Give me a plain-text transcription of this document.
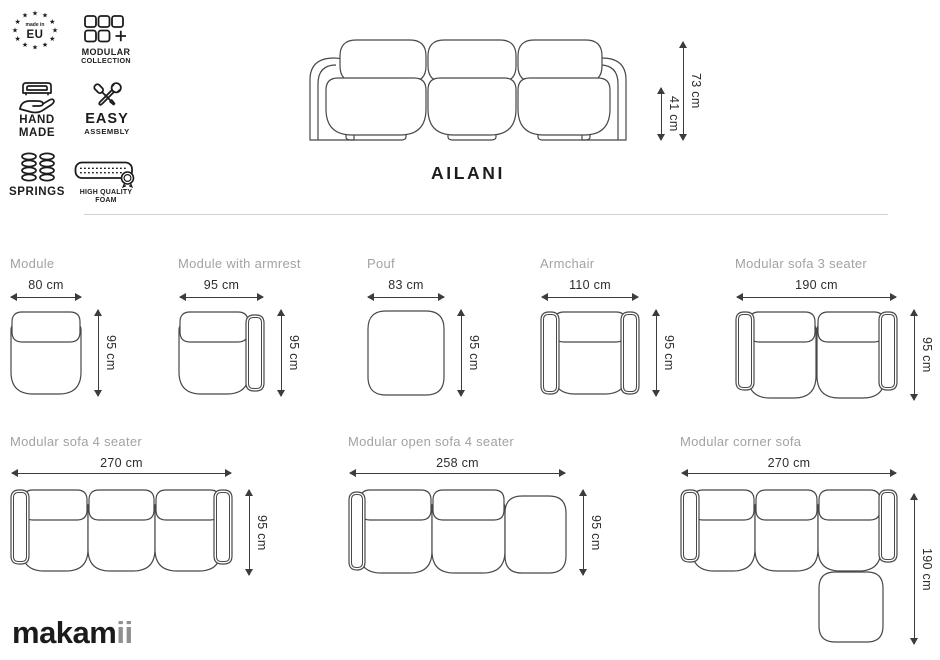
★ ★
★
★
★
★
★
★
★
★
★
★
made in
EU
MODULAR
COLLECTION
HAND
MADE
EASY
ASSEMBLY
SPRINGS	HIGH QUALITY
FOAM
41 cm
73 cm
AILANI
Module
80 cm
95 cm
Module with armrest
95 cm
95 cm
Pouf
83 cm
95 cm
Armchair
110 cm
95 cm
Modular sofa 3 seater
190 cm
95 cm
Modular sofa 4 seater
270 cm
95 cm
Modular open sofa 4 seater
258 cm
95 cm
Modular corner sofa
270 cm
190 cm
makamii
